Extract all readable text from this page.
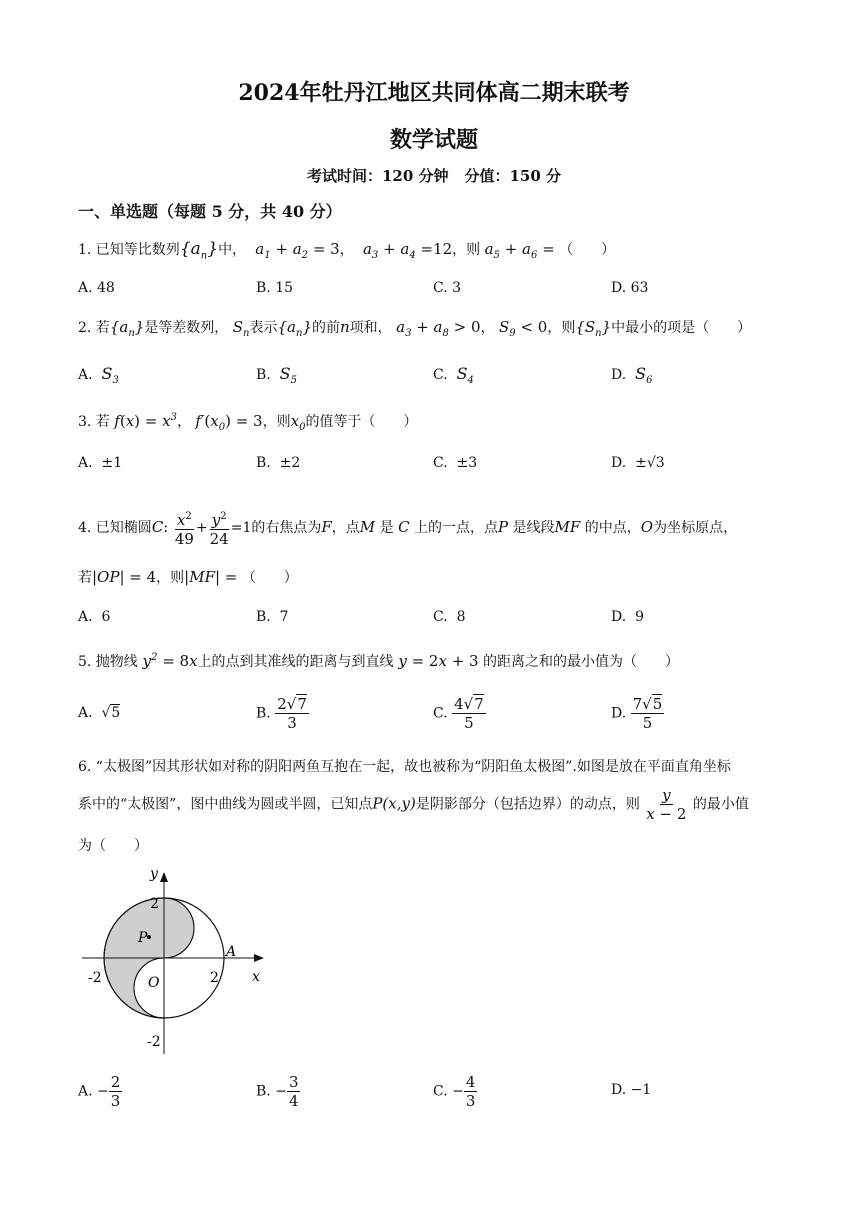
2024年牡丹江地区共同体高二期末联考
数学试题
考试时间：120 分钟 分值：150 分
一、单选题（每题 5 分，共 40 分）
1. 已知等比数列$\{a_n\}$中，  $a_1 + a_2 = 3$，  $a_3 + a_4 =12$，则 $a_5 + a_6$ = （　　）
A. 48	B. 15	C. 3	D. 63
2. 若$\{a_n\}$是等差数列， $S_n$表示$\{a_n\}$的前n项和， $a_3 + a_8 > 0$， $S_9 < 0$，则$\{S_n\}$中最小的项是（　　）
A. $S_3$	B. $S_5$	C. $S_4$	D. $S_6$
3. 若 $f(x) = x^3$， $f'(x_0) = 3$，则$x_0$的值等于（　　）
A. ±1	B. ±2	C. ±3	D. ±√3
4. 已知椭圆C: $\frac{x^2}{49} + \frac{y^2}{24} =1$的右焦点为F，点M 是 C 上的一点，点P 是线段MF 的中点，O为坐标原点，
若|OP| = 4，则|MF| = （　　）
A. 6	B. 7	C. 8	D. 9
5. 抛物线 $y^2 = 8x$上的点到其准线的距离与到直线 y = 2x + 3 的距离之和的最小值为（　　）
A.  √5	B. $\frac{2√7}{3}$	C. $\frac{4√7}{5}$	D. $\frac{7√5}{5}$
6. “太极图”因其形状如对称的阴阳两鱼互抱在一起，故也被称为“阴阳鱼太极图”.如图是放在平面直角坐标
系中的“太极图”，图中曲线为圆或半圆，已知点P(x,y)是阴影部分（包括边界）的动点，则 $\frac{y}{x - 2}$ 的最小值
为（　　）
y
x
2
-2	2
-2
A
O
P
A. − $\frac{2}{3}$	B. − $\frac{3}{4}$	C. − $\frac{4}{3}$	D. −1
